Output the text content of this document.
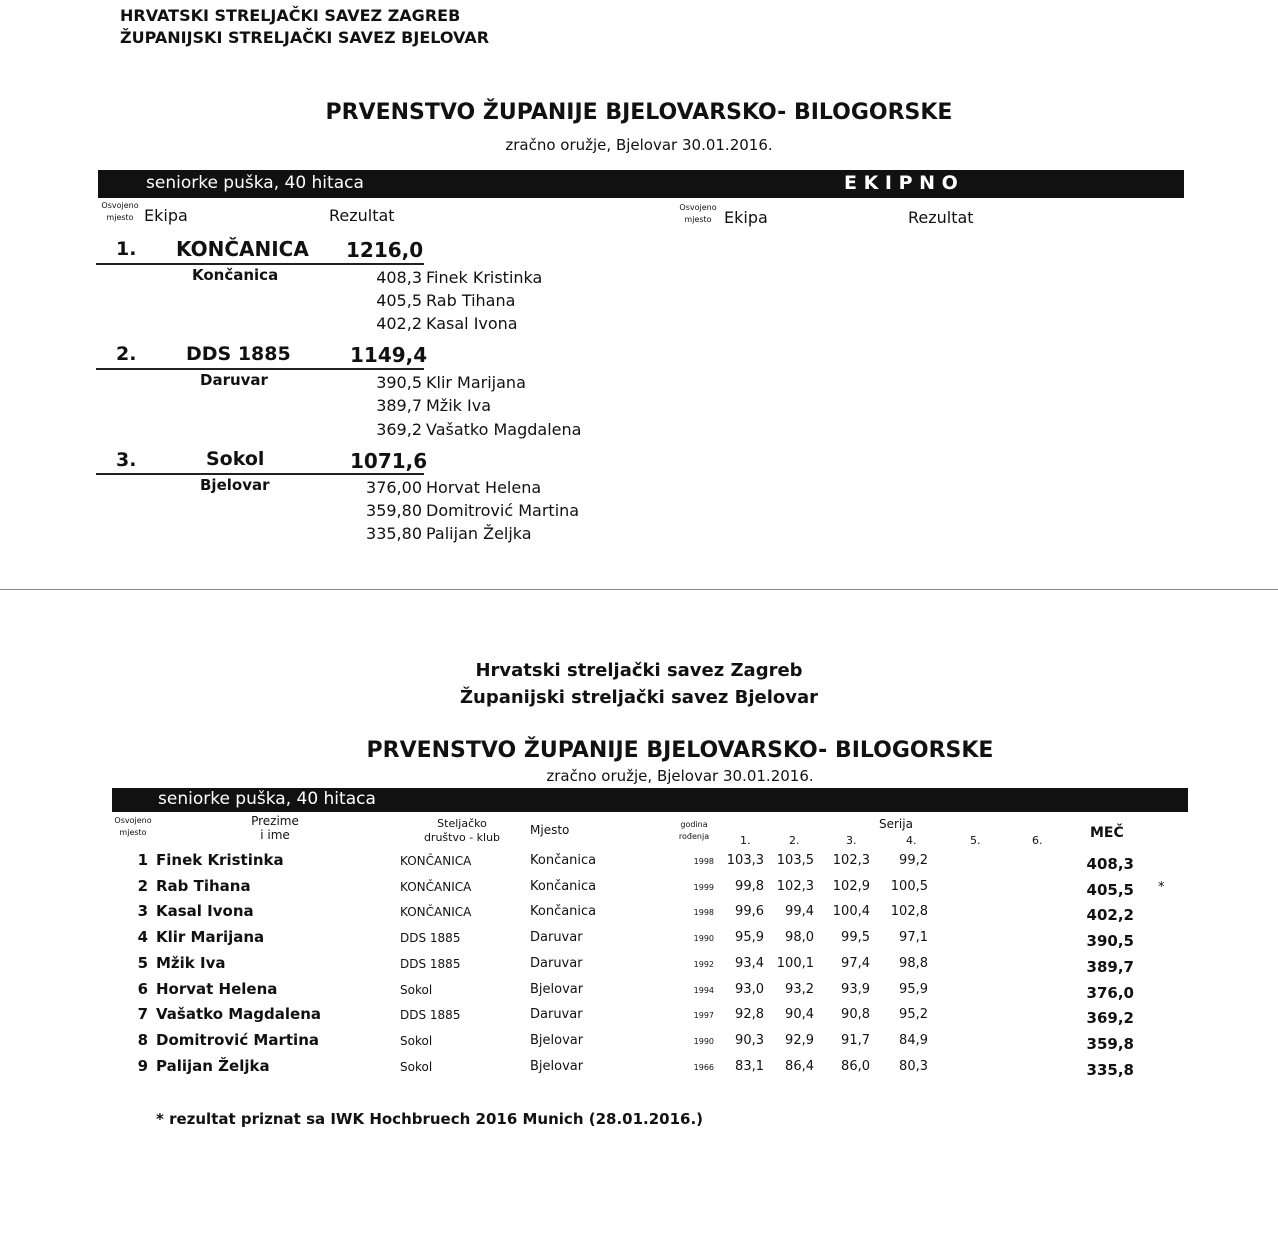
HRVATSKI STRELJAČKI SAVEZ ZAGREB
ŽUPANIJSKI STRELJAČKI SAVEZ BJELOVAR
PRVENSTVO ŽUPANIJE BJELOVARSKO- BILOGORSKE
zračno oružje, Bjelovar 30.01.2016.
seniorke puška, 40 hitaca	E K I P N O
Osvojeno
mjesto Ekipa	Rezultat	Osvojeno
mjesto Ekipa	Rezultat
1. KONČANICA 1216,0
Končanica	408,3 Finek Kristinka
405,5 Rab Tihana
402,2 Kasal Ivona
2.	DDS 1885	1149,4
Daruvar	390,5 Klir Marijana
389,7 Mžik Iva
369,2 Vašatko Magdalena
3.	Sokol	1071,6
Bjelovar	376,00 Horvat Helena
359,80 Domitrović Martina
335,80 Palijan Željka
Hrvatski streljački savez Zagreb
Županijski streljački savez Bjelovar
PRVENSTVO ŽUPANIJE BJELOVARSKO- BILOGORSKE
zračno oružje, Bjelovar 30.01.2016.
seniorke puška, 40 hitaca
Osvojeno
mjesto
Prezime
i ime
Steljačko
društvo - klub
Mjesto	godina
rođenja
Serija
1.	2.	3.	4.	5.	6.	MEČ
1 Finek Kristinka	KONČANICA	Končanica	1998 103,3 103,5	102,3	99,2	408,3
2 Rab Tihana	KONČANICA	Končanica	1999	99,8 102,3	102,9	100,5	405,5 *
3 Kasal Ivona	KONČANICA	Končanica	1998	99,6	99,4	100,4	102,8	402,2
4 Klir Marijana	DDS 1885	Daruvar	1990	95,9	98,0	99,5	97,1	390,5
5 Mžik Iva	DDS 1885	Daruvar	1992	93,4 100,1	97,4	98,8	389,7
6 Horvat Helena	Sokol	Bjelovar	1994	93,0	93,2	93,9	95,9	376,0
7 Vašatko Magdalena	DDS 1885	Daruvar	1997	92,8	90,4	90,8	95,2	369,2
8 Domitrović Martina	Sokol	Bjelovar	1990	90,3	92,9	91,7	84,9	359,8
9 Palijan Željka	Sokol	Bjelovar	1966	83,1	86,4	86,0	80,3	335,8
* rezultat priznat sa IWK Hochbruech 2016 Munich (28.01.2016.)
